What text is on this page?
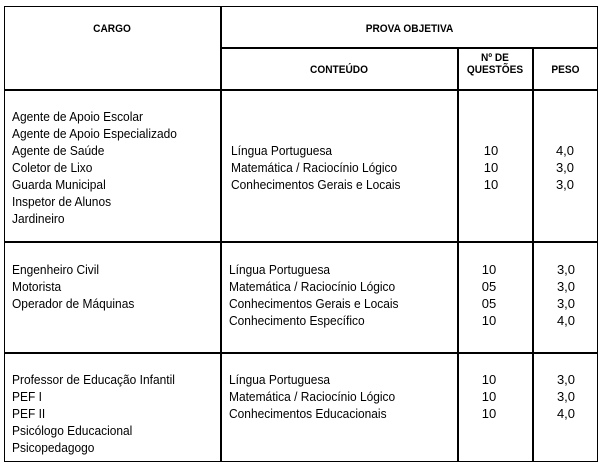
CARGO	PROVA OBJETIVA
CONTEÚDO
Nº DE
QUESTÕES	PESO
Agente de Apoio Escolar
Agente de Apoio Especializado
Agente de Saúde
Coletor de Lixo
Guarda Municipal
Inspetor de Alunos
Jardineiro
Língua Portuguesa
Matemática / Raciocínio Lógico
Conhecimentos Gerais e Locais
10
10
10
4,0
3,0
3,0
Engenheiro Civil
Motorista
Operador de Máquinas
Língua Portuguesa
Matemática / Raciocínio Lógico
Conhecimentos Gerais e Locais
Conhecimento Específico
10
05
05
10
3,0
3,0
3,0
4,0
Professor de Educação Infantil
PEF I
PEF II
Psicólogo Educacional
Psicopedagogo
Língua Portuguesa
Matemática / Raciocínio Lógico
Conhecimentos Educacionais
10
10
10
3,0
3,0
4,0
